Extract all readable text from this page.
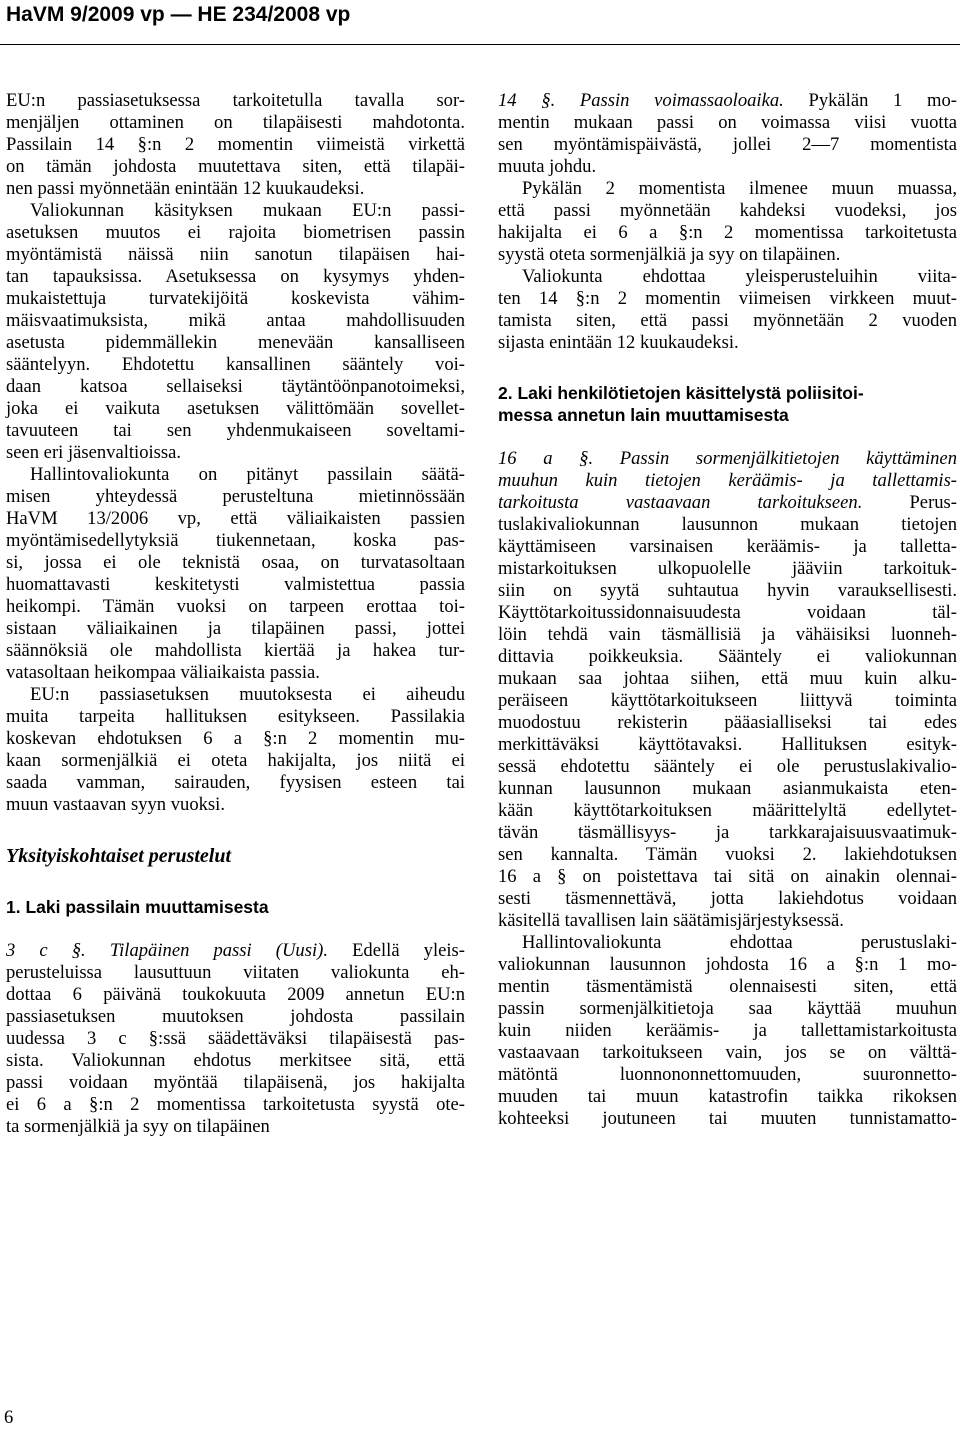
HaVM 9/2009 vp — HE 234/2008 vp
EU:n passiasetuksessa tarkoitetulla tavalla sor-
menjäljen ottaminen on tilapäisesti mahdotonta.
Passilain 14 §:n 2 momentin viimeistä virkettä
on tämän johdosta muutettava siten, että tilapäi-
nen passi myönnetään enintään 12 kuukaudeksi.
Valiokunnan käsityksen mukaan EU:n passi-
asetuksen muutos ei rajoita biometrisen passin
myöntämistä näissä niin sanotun tilapäisen hai-
tan tapauksissa. Asetuksessa on kysymys yhden-
mukaistettuja turvatekijöitä koskevista vähim-
mäisvaatimuksista, mikä antaa mahdollisuuden
asetusta pidemmällekin menevään kansalliseen
sääntelyyn. Ehdotettu kansallinen sääntely voi-
daan katsoa sellaiseksi täytäntöönpanotoimeksi,
joka ei vaikuta asetuksen välittömään sovellet-
tavuuteen tai sen yhdenmukaiseen soveltami-
seen eri jäsenvaltioissa.
Hallintovaliokunta on pitänyt passilain säätä-
misen yhteydessä perusteltuna mietinnössään
HaVM 13/2006 vp, että väliaikaisten passien
myöntämisedellytyksiä tiukennetaan, koska pas-
si, jossa ei ole teknistä osaa, on turvatasoltaan
huomattavasti keskitetysti valmistettua passia
heikompi. Tämän vuoksi on tarpeen erottaa toi-
sistaan väliaikainen ja tilapäinen passi, jottei
säännöksiä ole mahdollista kiertää ja hakea tur-
vatasoltaan heikompaa väliaikaista passia.
EU:n passiasetuksen muutoksesta ei aiheudu
muita tarpeita hallituksen esitykseen. Passilakia
koskevan ehdotuksen 6 a §:n 2 momentin mu-
kaan sormenjälkiä ei oteta hakijalta, jos niitä ei
saada vamman, sairauden, fyysisen esteen tai
muun vastaavan syyn vuoksi.
Yksityiskohtaiset perustelut
1. Laki passilain muuttamisesta
perusteluissa lausuttuun viitaten valiokunta eh-
dottaa 6 päivänä toukokuuta 2009 annetun EU:n
passiasetuksen muutoksen johdosta passilain
uudessa 3 c §:ssä säädettäväksi tilapäisestä pas-
sista. Valiokunnan ehdotus merkitsee sitä, että
passi voidaan myöntää tilapäisenä, jos hakijalta
ei 6 a §:n 2 momentissa tarkoitetusta syystä ote-
ta sormenjälkiä ja syy on tilapäinen
mentin mukaan passi on voimassa viisi vuotta
sen myöntämispäivästä, jollei 2—7 momentista
muuta johdu.
Pykälän 2 momentista ilmenee muun muassa,
että passi myönnetään kahdeksi vuodeksi, jos
hakijalta ei 6 a §:n 2 momentissa tarkoitetusta
syystä oteta sormenjälkiä ja syy on tilapäinen.
Valiokunta ehdottaa yleisperusteluihin viita-
ten 14 §:n 2 momentin viimeisen virkkeen muut-
tamista siten, että passi myönnetään 2 vuoden
sijasta enintään 12 kuukaudeksi.
2. Laki henkilötietojen käsittelystä poliisitoi-
messa annetun lain muuttamisesta
tuslakivaliokunnan lausunnon mukaan tietojen
käyttämiseen varsinaisen keräämis- ja talletta-
mistarkoituksen ulkopuolelle jääviin tarkoituk-
siin on syytä suhtautua hyvin varauksellisesti.
Käyttötarkoitussidonnaisuudesta voidaan täl-
löin tehdä vain täsmällisiä ja vähäisiksi luonneh-
dittavia poikkeuksia. Sääntely ei valiokunnan
mukaan saa johtaa siihen, että muu kuin alku-
peräiseen käyttötarkoitukseen liittyvä toiminta
muodostuu rekisterin pääasialliseksi tai edes
merkittäväksi käyttötavaksi. Hallituksen esityk-
sessä ehdotettu sääntely ei ole perustuslakivalio-
kunnan lausunnon mukaan asianmukaista eten-
kään käyttötarkoituksen määrittelyltä edellytet-
tävän täsmällisyys- ja tarkkarajaisuusvaatimuk-
sen kannalta. Tämän vuoksi 2. lakiehdotuksen
16 a § on poistettava tai sitä on ainakin olennai-
sesti täsmennettävä, jotta lakiehdotus voidaan
käsitellä tavallisen lain säätämisjärjestyksessä.
Hallintovaliokunta ehdottaa perustuslaki-
valiokunnan lausunnon johdosta 16 a §:n 1 mo-
mentin täsmentämistä olennaisesti siten, että
passin sormenjälkitietoja saa käyttää muuhun
kuin niiden keräämis- ja tallettamistarkoitusta
vastaavaan tarkoitukseen vain, jos se on välttä-
mätöntä luonnononnettomuuden, suuronnetto-
muuden tai muun katastrofin taikka rikoksen
kohteeksi joutuneen tai muuten tunnistamatto-
3 c §. Tilapäinen passi (Uusi). Edellä yleis-
14 §. Passin voimassaoloaika. Pykälän 1 mo-
16 a §. Passin sormenjälkitietojen käyttäminen
muuhun kuin tietojen keräämis- ja tallettamis-
tarkoitusta vastaavaan tarkoitukseen. Perus-
6
